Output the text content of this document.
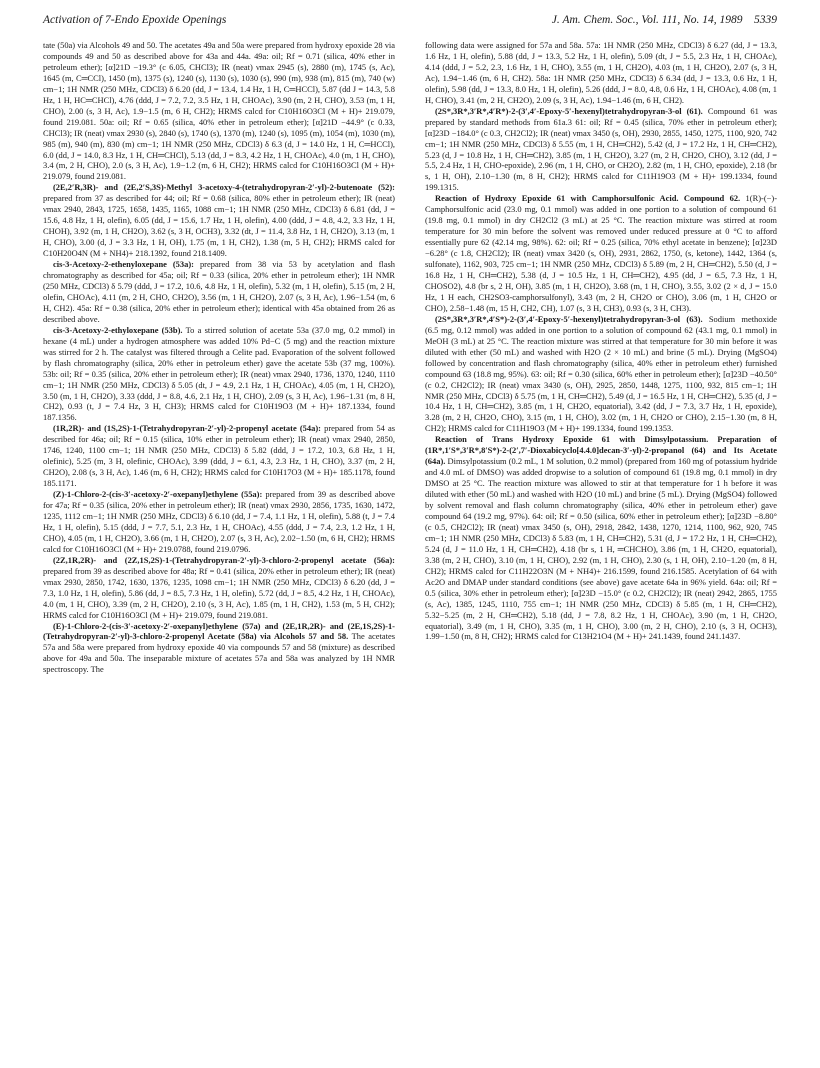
Activation of 7-Endo Epoxide Openings	J. Am. Chem. Soc., Vol. 111, No. 14, 1989 5339

tate (50a) via Alcohols 49 and 50. The acetates 49a and 50a were prepared from hydroxy epoxide 28 via compounds 49 and 50 as described above for 43a and 44a. 49a: oil; Rf = 0.71 (silica, 40% ether in petroleum ether); [α]21D −19.3° (c 6.05, CHCl3); IR (neat) νmax 2945 (s), 2880 (m), 1745 (s, Ac), 1645 (m, C═CCl), 1450 (m), 1375 (s), 1240 (s), 1130 (s), 1030 (s), 990 (m), 938 (m), 815 (m), 740 (w) cm−1; 1H NMR (250 MHz, CDCl3) δ 6.20 (dd, J = 13.4, 1.4 Hz, 1 H, C═HCCl), 5.87 (dd J = 14.3, 5.8 Hz, 1 H, HC═CHCl), 4.76 (ddd, J = 7.2, 7.2, 3.5 Hz, 1 H, CHOAc), 3.90 (m, 2 H, CHO), 3.53 (m, 1 H, CHO), 2.00 (s, 3 H, Ac), 1.9−1.5 (m, 6 H, CH2); HRMS calcd for C10H16O3Cl (M + H)+ 219.079, found 219.081. 50a: oil; Rf = 0.65 (silica, 40% ether in petroleum ether); [α]21D −44.9° (c 0.33, CHCl3); IR (neat) νmax 2930 (s), 2840 (s), 1740 (s), 1370 (m), 1240 (s), 1095 (m), 1054 (m), 1030 (m), 985 (m), 940 (m), 830 (m) cm−1; 1H NMR (250 MHz, CDCl3) δ 6.3 (d, J = 14.0 Hz, 1 H, C═HCCl), 6.0 (dd, J = 14.0, 8.3 Hz, 1 H, CH═CHCl), 5.13 (dd, J = 8.3, 4.2 Hz, 1 H, CHOAc), 4.0 (m, 1 H, CHO), 3.4 (m, 2 H, CHO), 2.0 (s, 3 H, Ac), 1.9−1.2 (m, 6 H, CH2); HRMS calcd for C10H16O3Cl (M + H)+ 219.079, found 219.081.

(2E,2′R,3R)- and (2E,2′S,3S)-Methyl 3-acetoxy-4-(tetrahydropyran-2′-yl)-2-butenoate (52): prepared from 37 as described for 44; oil; Rf = 0.68 (silica, 80% ether in petroleum ether); IR (neat) νmax 2940, 2843, 1725, 1658, 1435, 1165, 1088 cm−1; 1H NMR (250 MHz, CDCl3) δ 6.81 (dd, J = 15.6, 4.8 Hz, 1 H, olefin), 6.05 (dd, J = 15.6, 1.7 Hz, 1 H, olefin), 4.00 (ddd, J = 4.8, 4.2, 3.3 Hz, 1 H, CHOH), 3.92 (m, 1 H, CH2O), 3.62 (s, 3 H, OCH3), 3.32 (dt, J = 11.4, 3.8 Hz, 1 H, CH2O), 3.13 (m, 1 H, CHO), 3.00 (d, J = 3.3 Hz, 1 H, OH), 1.75 (m, 1 H, CH2), 1.38 (m, 5 H, CH2); HRMS calcd for C10H20O4N (M + NH4)+ 218.1392, found 218.1409.

cis-3-Acetoxy-2-ethenyloxepane (53a): prepared from 38 via 53 by acetylation and flash chromatography as described for 45a; oil; Rf = 0.33 (silica, 20% ether in petroleum ether); 1H NMR (250 MHz, CDCl3) δ 5.79 (ddd, J = 17.2, 10.6, 4.8 Hz, 1 H, olefin), 5.32 (m, 1 H, olefin), 5.15 (m, 2 H, olefin, CHOAc), 4.11 (m, 2 H, CHO, CH2O), 3.56 (m, 1 H, CH2O), 2.07 (s, 3 H, Ac), 1.96−1.54 (m, 6 H, CH2). 45a: Rf = 0.38 (silica, 20% ether in petroleum ether); identical with 45a obtained from 26 as described above.

cis-3-Acetoxy-2-ethyloxepane (53b). To a stirred solution of acetate 53a (37.0 mg, 0.2 mmol) in hexane (4 mL) under a hydrogen atmosphere was added 10% Pd−C (5 mg) and the reaction mixture was stirred for 2 h. The catalyst was filtered through a Celite pad. Evaporation of the solvent followed by flash chromatography (silica, 20% ether in petroleum ether) gave the acetate 53b (37 mg, 100%). 53b: oil; Rf = 0.35 (silica, 20% ether in petroleum ether); IR (neat) νmax 2940, 1736, 1370, 1240, 1110 cm−1; 1H NMR (250 MHz, CDCl3) δ 5.05 (dt, J = 4.9, 2.1 Hz, 1 H, CHOAc), 4.05 (m, 1 H, CH2O), 3.50 (m, 1 H, CH2O), 3.33 (ddd, J = 8.8, 4.6, 2.1 Hz, 1 H, CHO), 2.09 (s, 3 H, Ac), 1.96−1.31 (m, 8 H, CH2), 0.93 (t, J = 7.4 Hz, 3 H, CH3); HRMS calcd for C10H19O3 (M + H)+ 187.1334, found 187.1356.

(1R,2R)- and (1S,2S)-1-(Tetrahydropyran-2′-yl)-2-propenyl acetate (54a): prepared from 54 as described for 46a; oil; Rf = 0.15 (silica, 10% ether in petroleum ether); IR (neat) νmax 2940, 2850, 1746, 1240, 1100 cm−1; 1H NMR (250 MHz, CDCl3) δ 5.82 (ddd, J = 17.2, 10.3, 6.8 Hz, 1 H, olefinic), 5.25 (m, 3 H, olefinic, CHOAc), 3.99 (ddd, J = 6.1, 4.3, 2.3 Hz, 1 H, CHO), 3.37 (m, 2 H, CH2O), 2.08 (s, 3 H, Ac), 1.46 (m, 6 H, CH2); HRMS calcd for C10H17O3 (M + H)+ 185.1178, found 185.1171.

(Z)-1-Chloro-2-(cis-3′-acetoxy-2′-oxepanyl)ethylene (55a): prepared from 39 as described above for 47a; Rf = 0.35 (silica, 20% ether in petroleum ether); IR (neat) νmax 2930, 2856, 1735, 1630, 1472, 1235, 1112 cm−1; 1H NMR (250 MHz, CDCl3) δ 6.10 (dd, J = 7.4, 1.1 Hz, 1 H, olefin), 5.88 (t, J = 7.4 Hz, 1 H, olefin), 5.15 (ddd, J = 7.7, 5.1, 2.3 Hz, 1 H, CHOAc), 4.55 (ddd, J = 7.4, 2.3, 1.2 Hz, 1 H, CHO), 4.05 (m, 1 H, CH2O), 3.66 (m, 1 H, CH2O), 2.07 (s, 3 H, Ac), 2.02−1.50 (m, 6 H, CH2); HRMS calcd for C10H16O3Cl (M + H)+ 219.0788, found 219.0796.

(2Z,1R,2R)- and (2Z,1S,2S)-1-(Tetrahydropyran-2′-yl)-3-chloro-2-propenyl acetate (56a): prepared from 39 as described above for 48a; Rf = 0.41 (silica, 20% ether in petroleum ether); IR (neat) νmax 2930, 2850, 1742, 1630, 1376, 1235, 1098 cm−1; 1H NMR (250 MHz, CDCl3) δ 6.20 (dd, J = 7.3, 1.0 Hz, 1 H, olefin), 5.86 (dd, J = 8.5, 7.3 Hz, 1 H, olefin), 5.72 (dd, J = 8.5, 4.2 Hz, 1 H, CHOAc), 4.0 (m, 1 H, CHO), 3.39 (m, 2 H, CH2O), 2.10 (s, 3 H, Ac), 1.85 (m, 1 H, CH2), 1.53 (m, 5 H, CH2); HRMS calcd for C10H16O3Cl (M + H)+ 219.079, found 219.081.

(E)-1-Chloro-2-(cis-3′-acetoxy-2′-oxepanyl)ethylene (57a) and (2E,1R,2R)- and (2E,1S,2S)-1-(Tetrahydropyran-2′-yl)-3-chloro-2-propenyl Acetate (58a) via Alcohols 57 and 58. The acetates 57a and 58a were prepared from hydroxy epoxide 40 via compounds 57 and 58 (mixture) as described above for 49a and 50a. The inseparable mixture of acetates 57a and 58a was analyzed by 1H NMR spectroscopy. The

following data were assigned for 57a and 58a. 57a: 1H NMR (250 MHz, CDCl3) δ 6.27 (dd, J = 13.3, 1.6 Hz, 1 H, olefin), 5.88 (dd, J = 13.3, 5.2 Hz, 1 H, olefin), 5.09 (dt, J = 5.5, 2.3 Hz, 1 H, CHOAc), 4.14 (ddd, J = 5.2, 2.3, 1.6 Hz, 1 H, CHO), 3.55 (m, 1 H, CH2O), 4.03 (m, 1 H, CH2O), 2.07 (s, 3 H, Ac), 1.94−1.46 (m, 6 H, CH2). 58a: 1H NMR (250 MHz, CDCl3) δ 6.34 (dd, J = 13.3, 0.6 Hz, 1 H, olefin), 5.98 (dd, J = 13.3, 8.0 Hz, 1 H, olefin), 5.26 (ddd, J = 8.0, 4.8, 0.6 Hz, 1 H, CHOAc), 4.08 (m, 1 H, CHO), 3.41 (m, 2 H, CH2O), 2.09 (s, 3 H, Ac), 1.94−1.46 (m, 6 H, CH2).

(2S*,3R*,3′R*,4′R*)-2-(3′,4′-Epoxy-5′-hexenyl)tetrahydropyran-3-ol (61). Compound 61 was prepared by standard methods from 61a.3 61: oil; Rf = 0.45 (silica, 70% ether in petroleum ether); [α]23D −184.0° (c 0.3, CH2Cl2); IR (neat) νmax 3450 (s, OH), 2930, 2855, 1450, 1275, 1100, 920, 742 cm−1; 1H NMR (250 MHz, CDCl3) δ 5.55 (m, 1 H, CH═CH2), 5.42 (d, J = 17.2 Hz, 1 H, CH═CH2), 5.23 (d, J = 10.8 Hz, 1 H, CH═CH2), 3.85 (m, 1 H, CH2O), 3.27 (m, 2 H, CH2O, CHO), 3.12 (dd, J = 5.5, 2.4 Hz, 1 H, CHO-epoxide), 2.96 (m, 1 H, CHO, or CH2O), 2.82 (m, 1 H, CHO, epoxide), 2.18 (br s, 1 H, OH), 2.10−1.30 (m, 8 H, CH2); HRMS calcd for C11H19O3 (M + H)+ 199.1334, found 199.1315.

Reaction of Hydroxy Epoxide 61 with Camphorsulfonic Acid. Compound 62. 1(R)-(−)-Camphorsulfonic acid (23.0 mg, 0.1 mmol) was added in one portion to a solution of compound 61 (19.8 mg, 0.1 mmol) in dry CH2Cl2 (3 mL) at 25 °C. The reaction mixture was stirred at room temperature for 30 min before the solvent was removed under reduced pressure at 0 °C to afford essentially pure 62 (42.14 mg, 98%). 62: oil; Rf = 0.25 (silica, 70% ethyl acetate in benzene); [α]23D −6.28° (c 1.8, CH2Cl2); IR (neat) νmax 3420 (s, OH), 2931, 2862, 1750, (s, ketone), 1442, 1364 (s, sulfonate), 1162, 903, 725 cm−1; 1H NMR (250 MHz, CDCl3) δ 5.89 (m, 2 H, CH═CH2), 5.50 (d, J = 16.8 Hz, 1 H, CH═CH2), 5.38 (d, J = 10.5 Hz, 1 H, CH═CH2), 4.95 (dd, J = 6.5, 7.3 Hz, 1 H, CHOSO2), 4.8 (br s, 2 H, OH), 3.85 (m, 1 H, CH2O), 3.68 (m, 1 H, CHO), 3.55, 3.02 (2 × d, J = 15.0 Hz, 1 H each, CH2SO3-camphorsulfonyl), 3.43 (m, 2 H, CH2O or CHO), 3.06 (m, 1 H, CH2O or CHO), 2.58−1.48 (m, 15 H, CH2, CH), 1.07 (s, 3 H, CH3), 0.93 (s, 3 H, CH3).

(2S*,3R*,3′R*,4′S*)-2-(3′,4′-Epoxy-5′-hexenyl)tetrahydropyran-3-ol (63). Sodium methoxide (6.5 mg, 0.12 mmol) was added in one portion to a solution of compound 62 (43.1 mg, 0.1 mmol) in MeOH (3 mL) at 25 °C. The reaction mixture was stirred at that temperature for 30 min before it was diluted with ether (50 mL) and washed with H2O (2 × 10 mL) and brine (5 mL). Drying (MgSO4) followed by concentration and flash chromatography (silica, 40% ether in petroleum ether) furnished compound 63 (18.8 mg, 95%). 63: oil; Rf = 0.30 (silica, 60% ether in petroleum ether); [α]23D −40.50° (c 0.2, CH2Cl2); IR (neat) νmax 3430 (s, OH), 2925, 2850, 1448, 1275, 1100, 932, 815 cm−1; 1H NMR (250 MHz, CDCl3) δ 5.75 (m, 1 H, CH═CH2), 5.49 (d, J = 16.5 Hz, 1 H, CH═CH2), 5.35 (d, J = 10.4 Hz, 1 H, CH═CH2), 3.85 (m, 1 H, CH2O, equatorial), 3.42 (dd, J = 7.3, 3.7 Hz, 1 H, epoxide), 3.28 (m, 2 H, CH2O, CHO), 3.15 (m, 1 H, CHO), 3.02 (m, 1 H, CH2O or CHO), 2.15−1.30 (m, 8 H, CH2); HRMS calcd for C11H19O3 (M + H)+ 199.1334, found 199.1353.

Reaction of Trans Hydroxy Epoxide 61 with Dimsylpotassium. Preparation of (1R*,1′S*,3′R*,8′S*)-2-(2′,7′-Dioxabicyclo[4.4.0]decan-3′-yl)-2-propanol (64) and Its Acetate (64a). Dimsylpotassium (0.2 mL, 1 M solution, 0.2 mmol) (prepared from 160 mg of potassium hydride and 4.0 mL of DMSO) was added dropwise to a solution of compound 61 (19.8 mg, 0.1 mmol) in dry DMSO at 25 °C. The reaction mixture was allowed to stir at that temperature for 1 h before it was diluted with ether (50 mL) and washed with H2O (10 mL) and brine (5 mL). Drying (MgSO4) followed by solvent removal and flash column chromatography (silica, 40% ether in petroleum ether) gave compound 64 (19.2 mg, 97%). 64: oil; Rf = 0.50 (silica, 60% ether in petroleum ether); [α]23D −8.80° (c 0.5, CH2Cl2); IR (neat) νmax 3450 (s, OH), 2918, 2842, 1438, 1270, 1214, 1100, 962, 920, 745 cm−1; 1H NMR (250 MHz, CDCl3) δ 5.83 (m, 1 H, CH═CH2), 5.31 (d, J = 17.2 Hz, 1 H, CH═CH2), 5.24 (d, J = 11.0 Hz, 1 H, CH═CH2), 4.18 (br s, 1 H, ═CHCHO), 3.86 (m, 1 H, CH2O, equatorial), 3.38 (m, 2 H, CHO), 3.10 (m, 1 H, CHO), 2.92 (m, 1 H, CHO), 2.30 (s, 1 H, OH), 2.10−1.20 (m, 8 H, CH2); HRMS calcd for C11H22O3N (M + NH4)+ 216.1599, found 216.1585. Acetylation of 64 with Ac2O and DMAP under standard conditions (see above) gave acetate 64a in 96% yield. 64a: oil; Rf = 0.5 (silica, 30% ether in petroleum ether); [α]23D −15.0° (c 0.2, CH2Cl2); IR (neat) 2942, 2865, 1755 (s, Ac), 1385, 1245, 1110, 755 cm−1; 1H NMR (250 MHz, CDCl3) δ 5.85 (m, 1 H, CH═CH2), 5.32−5.25 (m, 2 H, CH═CH2), 5.18 (dd, J = 7.8, 8.2 Hz, 1 H, CHOAc), 3.90 (m, 1 H, CH2O, equatorial), 3.49 (m, 1 H, CHO), 3.35 (m, 1 H, CHO), 3.00 (m, 2 H, CHO), 2.10 (s, 3 H, OCH3), 1.99−1.50 (m, 8 H, CH2); HRMS calcd for C13H21O4 (M + H)+ 241.1439, found 241.1437.
